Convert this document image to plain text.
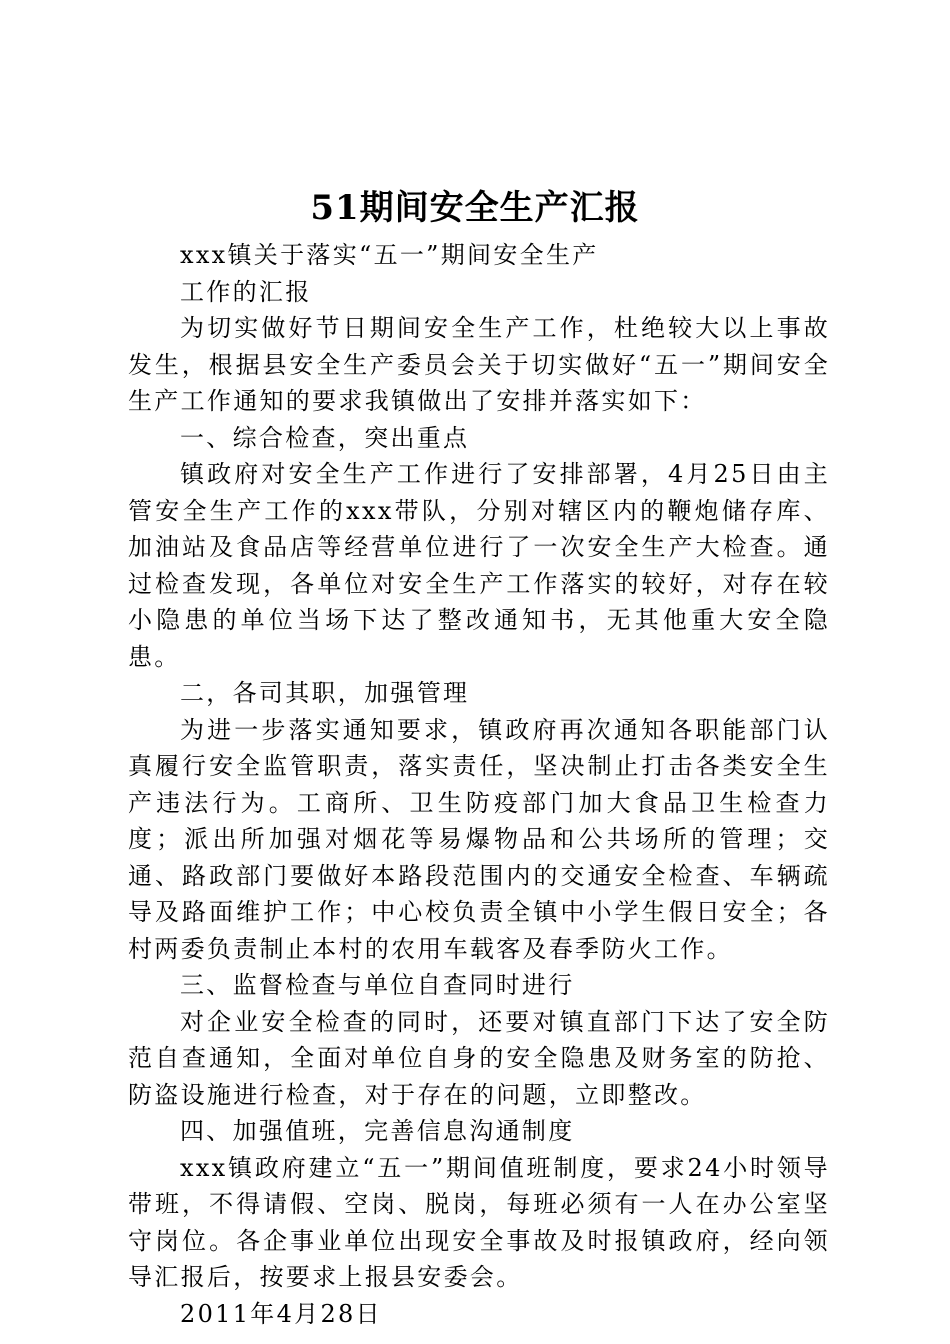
51期间安全生产汇报

xxx镇关于落实“五一”期间安全生产

工作的汇报

为切实做好节日期间安全生产工作，杜绝较大以上事故发生，根据县安全生产委员会关于切实做好“五一”期间安全生产工作通知的要求我镇做出了安排并落实如下：

一、综合检查，突出重点

镇政府对安全生产工作进行了安排部署，4月25日由主管安全生产工作的xxx带队，分别对辖区内的鞭炮储存库、加油站及食品店等经营单位进行了一次安全生产大检查。通过检查发现，各单位对安全生产工作落实的较好，对存在较小隐患的单位当场下达了整改通知书，无其他重大安全隐患。

二，各司其职，加强管理

为进一步落实通知要求，镇政府再次通知各职能部门认真履行安全监管职责，落实责任，坚决制止打击各类安全生产违法行为。工商所、卫生防疫部门加大食品卫生检查力度；派出所加强对烟花等易爆物品和公共场所的管理；交通、路政部门要做好本路段范围内的交通安全检查、车辆疏导及路面维护工作；中心校负责全镇中小学生假日安全；各村两委负责制止本村的农用车载客及春季防火工作。

三、监督检查与单位自查同时进行

对企业安全检查的同时，还要对镇直部门下达了安全防范自查通知，全面对单位自身的安全隐患及财务室的防抢、防盗设施进行检查，对于存在的问题，立即整改。

四、加强值班，完善信息沟通制度

xxx镇政府建立“五一”期间值班制度，要求24小时领导带班，不得请假、空岗、脱岗，每班必须有一人在办公室坚守岗位。各企事业单位出现安全事故及时报镇政府，经向领导汇报后，按要求上报县安委会。

2011年4月28日
